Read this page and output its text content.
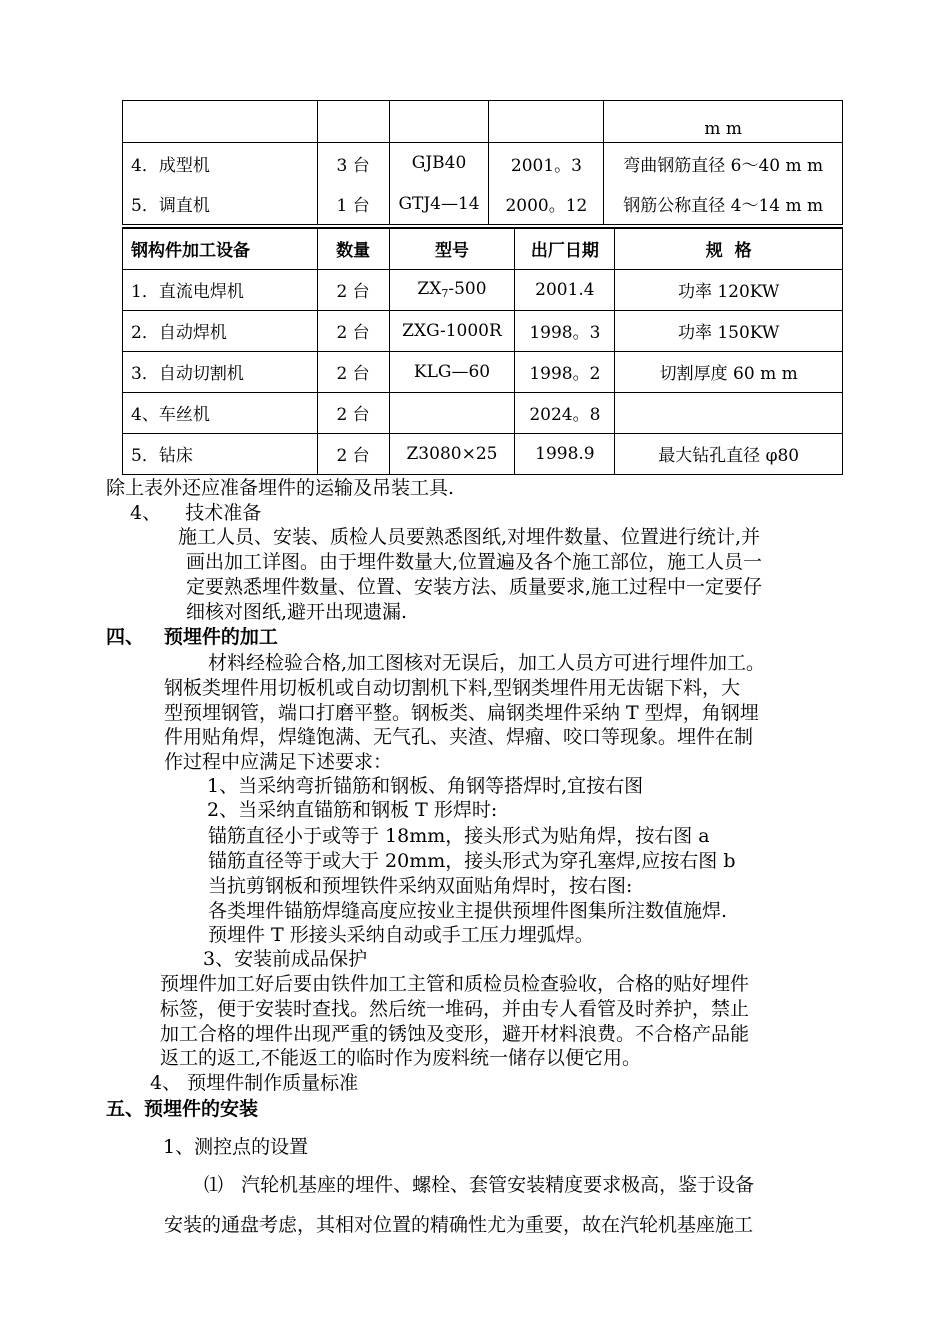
				m m
4．成型机	3 台	GJB40	2001。3	弯曲钢筋直径 6～40 m m
5．调直机	1 台	GTJ4—14	2000。12	钢筋公称直径 4～14 m m
钢构件加工设备	数量	型号	出厂日期	规  格
1．直流电焊机	2 台	$ZX_7-500$	2001.4	功率 120KW
2．自动焊机	2 台	ZXG-1000R	1998。3	功率 150KW
3．自动切割机	2 台	KLG—60	1998。2	切割厚度 60 m m
4、车丝机	2 台		2024。8	
5．钻床	2 台	Z3080×25	1998.9	最大钻孔直径 φ80
除上表外还应准备埋件的运输及吊装工具.
4、    技术准备
施工人员、安装、质检人员要熟悉图纸,对埋件数量、位置进行统计,并
画出加工详图。由于埋件数量大,位置遍及各个施工部位，施工人员一
定要熟悉埋件数量、位置、安装方法、质量要求,施工过程中一定要仔
细核对图纸,避开出现遗漏.
四、   预埋件的加工
材料经检验合格,加工图核对无误后，加工人员方可进行埋件加工。
钢板类埋件用切板机或自动切割机下料,型钢类埋件用无齿锯下料，大
型预埋钢管，端口打磨平整。钢板类、扁钢类埋件采纳 T 型焊，角钢埋
件用贴角焊，焊缝饱满、无气孔、夹渣、焊瘤、咬口等现象。埋件在制
作过程中应满足下述要求：
1、当采纳弯折锚筋和钢板、角钢等搭焊时,宜按右图
2、当采纳直锚筋和钢板 T 形焊时:
锚筋直径小于或等于 18mm，接头形式为贴角焊，按右图 a
锚筋直径等于或大于 20mm，接头形式为穿孔塞焊,应按右图 b
当抗剪钢板和预埋铁件采纳双面贴角焊时，按右图:
各类埋件锚筋焊缝高度应按业主提供预埋件图集所注数值施焊.
预埋件 T 形接头采纳自动或手工压力埋弧焊。
3、安装前成品保护
预埋件加工好后要由铁件加工主管和质检员检查验收，合格的贴好埋件
标签，便于安装时查找。然后统一堆码，并由专人看管及时养护，禁止
加工合格的埋件出现严重的锈蚀及变形，避开材料浪费。不合格产品能
返工的返工,不能返工的临时作为废料统一储存以便它用。
4、 预埋件制作质量标准
五、预埋件的安装
1、测控点的设置
⑴   汽轮机基座的埋件、螺栓、套管安装精度要求极高，鉴于设备
安装的通盘考虑，其相对位置的精确性尤为重要，故在汽轮机基座施工
